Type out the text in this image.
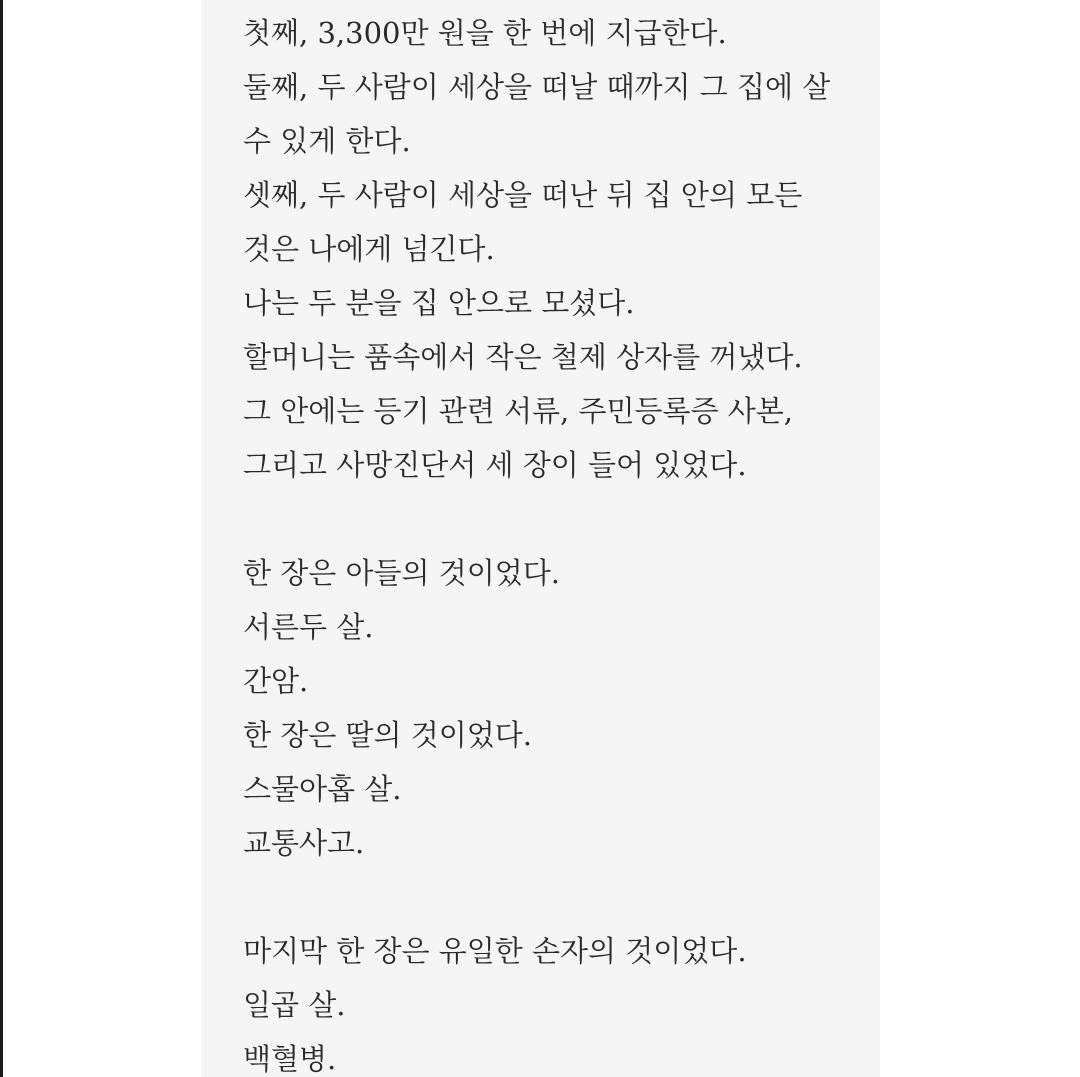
첫째, 3,300만 원을 한 번에 지급한다.
둘째, 두 사람이 세상을 떠날 때까지 그 집에 살
수 있게 한다.
셋째, 두 사람이 세상을 떠난 뒤 집 안의 모든
것은 나에게 넘긴다.
나는 두 분을 집 안으로 모셨다.
할머니는 품속에서 작은 철제 상자를 꺼냈다.
그 안에는 등기 관련 서류, 주민등록증 사본,
그리고 사망진단서 세 장이 들어 있었다.
한 장은 아들의 것이었다.
서른두 살.
간암.
한 장은 딸의 것이었다.
스물아홉 살.
교통사고.
마지막 한 장은 유일한 손자의 것이었다.
일곱 살.
백혈병.
